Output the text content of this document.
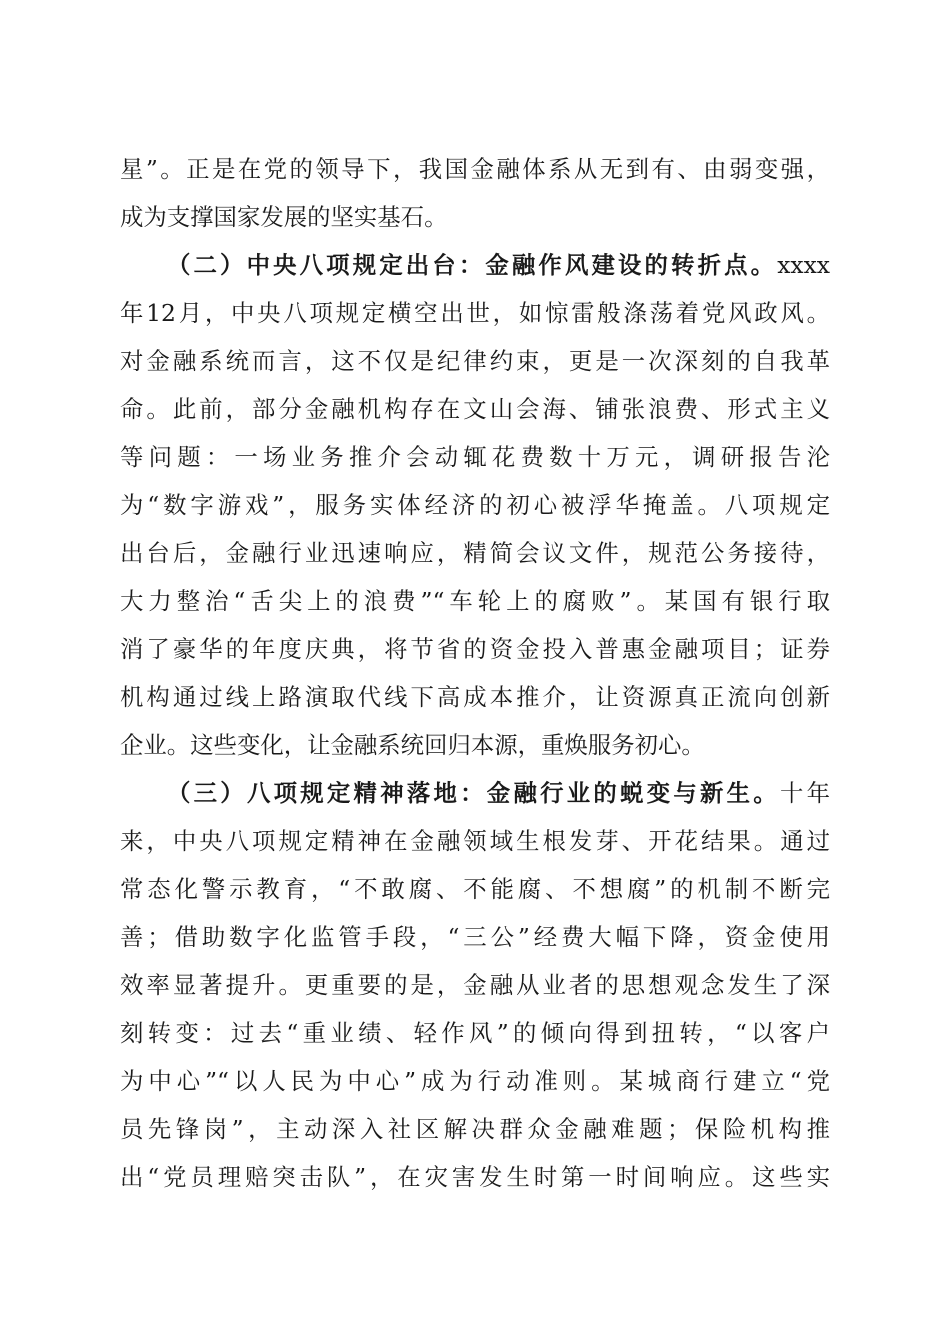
星”。正是在党的领导下，我国金融体系从无到有、由弱变强，
成为支撑国家发展的坚实基石。
（二）中央八项规定出台：金融作风建设的转折点。xxxx
年12月，中央八项规定横空出世，如惊雷般涤荡着党风政风。
对金融系统而言，这不仅是纪律约束，更是一次深刻的自我革
命。此前，部分金融机构存在文山会海、铺张浪费、形式主义
等问题：一场业务推介会动辄花费数十万元，调研报告沦
为“数字游戏”，服务实体经济的初心被浮华掩盖。八项规定
出台后，金融行业迅速响应，精简会议文件，规范公务接待，
大力整治“舌尖上的浪费”“车轮上的腐败”。某国有银行取
消了豪华的年度庆典，将节省的资金投入普惠金融项目；证券
机构通过线上路演取代线下高成本推介，让资源真正流向创新
企业。这些变化，让金融系统回归本源，重焕服务初心。
（三）八项规定精神落地：金融行业的蜕变与新生。十年
来，中央八项规定精神在金融领域生根发芽、开花结果。通过
常态化警示教育，“不敢腐、不能腐、不想腐”的机制不断完
善；借助数字化监管手段，“三公”经费大幅下降，资金使用
效率显著提升。更重要的是，金融从业者的思想观念发生了深
刻转变：过去“重业绩、轻作风”的倾向得到扭转，“以客户
为中心”“以人民为中心”成为行动准则。某城商行建立“党
员先锋岗”，主动深入社区解决群众金融难题；保险机构推
出“党员理赔突击队”，在灾害发生时第一时间响应。这些实
